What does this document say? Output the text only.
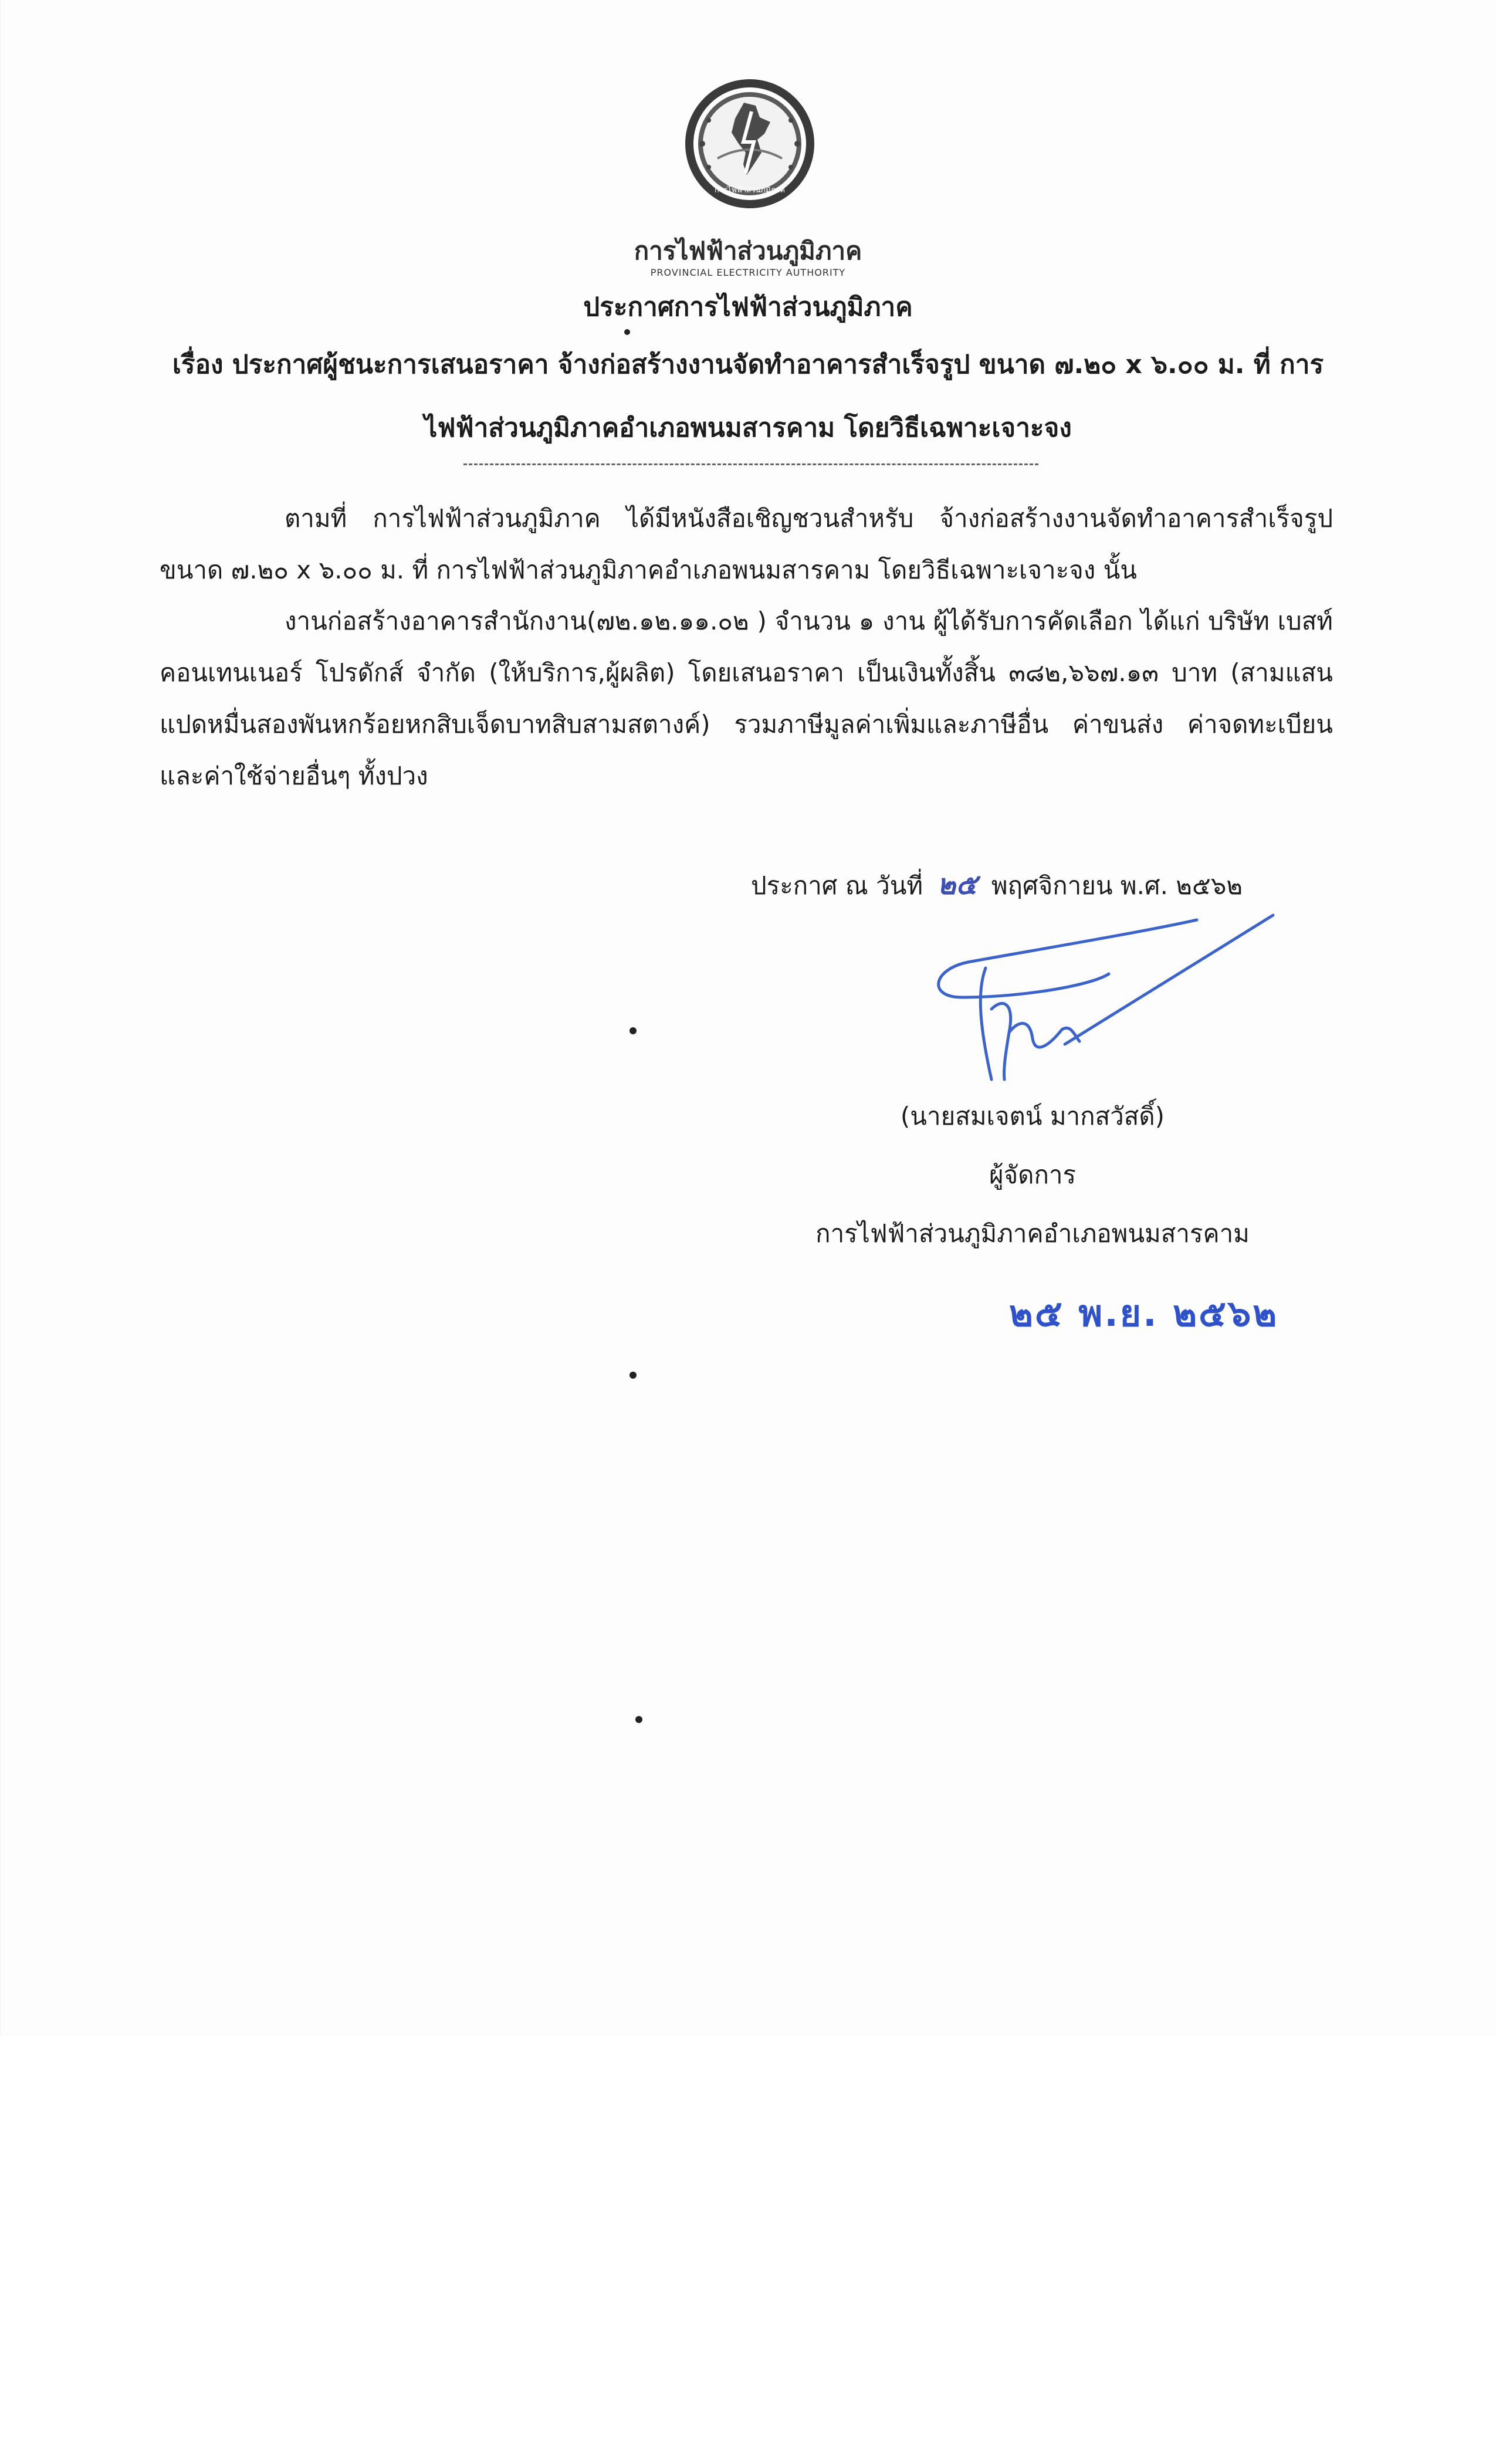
การไฟฟ้าส่วนภูมิภาค
การไฟฟ้าส่วนภูมิภาค
PROVINCIAL ELECTRICITY AUTHORITY
ประกาศการไฟฟ้าส่วนภูมิภาค
เรื่อง ประกาศผู้ชนะการเสนอราคา จ้างก่อสร้างงานจัดทำอาคารสำเร็จรูป ขนาด ๗.๒๐ x ๖.๐๐ ม. ที่ การไฟฟ้าส่วนภูมิภาคอำเภอพนมสารคาม โดยวิธีเฉพาะเจาะจง
ตามที่ การไฟฟ้าส่วนภูมิภาค ได้มีหนังสือเชิญชวนสำหรับ จ้างก่อสร้างงานจัดทำอาคารสำเร็จรูป ขนาด ๗.๒๐ x ๖.๐๐ ม. ที่ การไฟฟ้าส่วนภูมิภาคอำเภอพนมสารคาม โดยวิธีเฉพาะเจาะจง นั้น
งานก่อสร้างอาคารสำนักงาน(๗๒.๑๒.๑๑.๐๒ ) จำนวน ๑ งาน ผู้ได้รับการคัดเลือก ได้แก่ บริษัท เบสท์ คอนเทนเนอร์ โปรดักส์ จำกัด (ให้บริการ,ผู้ผลิต) โดยเสนอราคา เป็นเงินทั้งสิ้น ๓๘๒,๖๖๗.๑๓ บาท (สามแสนแปดหมื่นสองพันหกร้อยหกสิบเจ็ดบาทสิบสามสตางค์) รวมภาษีมูลค่าเพิ่มและภาษีอื่น ค่าขนส่ง ค่าจดทะเบียน และค่าใช้จ่ายอื่นๆ ทั้งปวง
ประกาศ ณ วันที่ ๒๕ พฤศจิกายน พ.ศ. ๒๕๖๒
(นายสมเจตน์ มากสวัสดิ์)
ผู้จัดการ
การไฟฟ้าส่วนภูมิภาคอำเภอพนมสารคาม
๒๕ พ.ย. ๒๕๖๒
